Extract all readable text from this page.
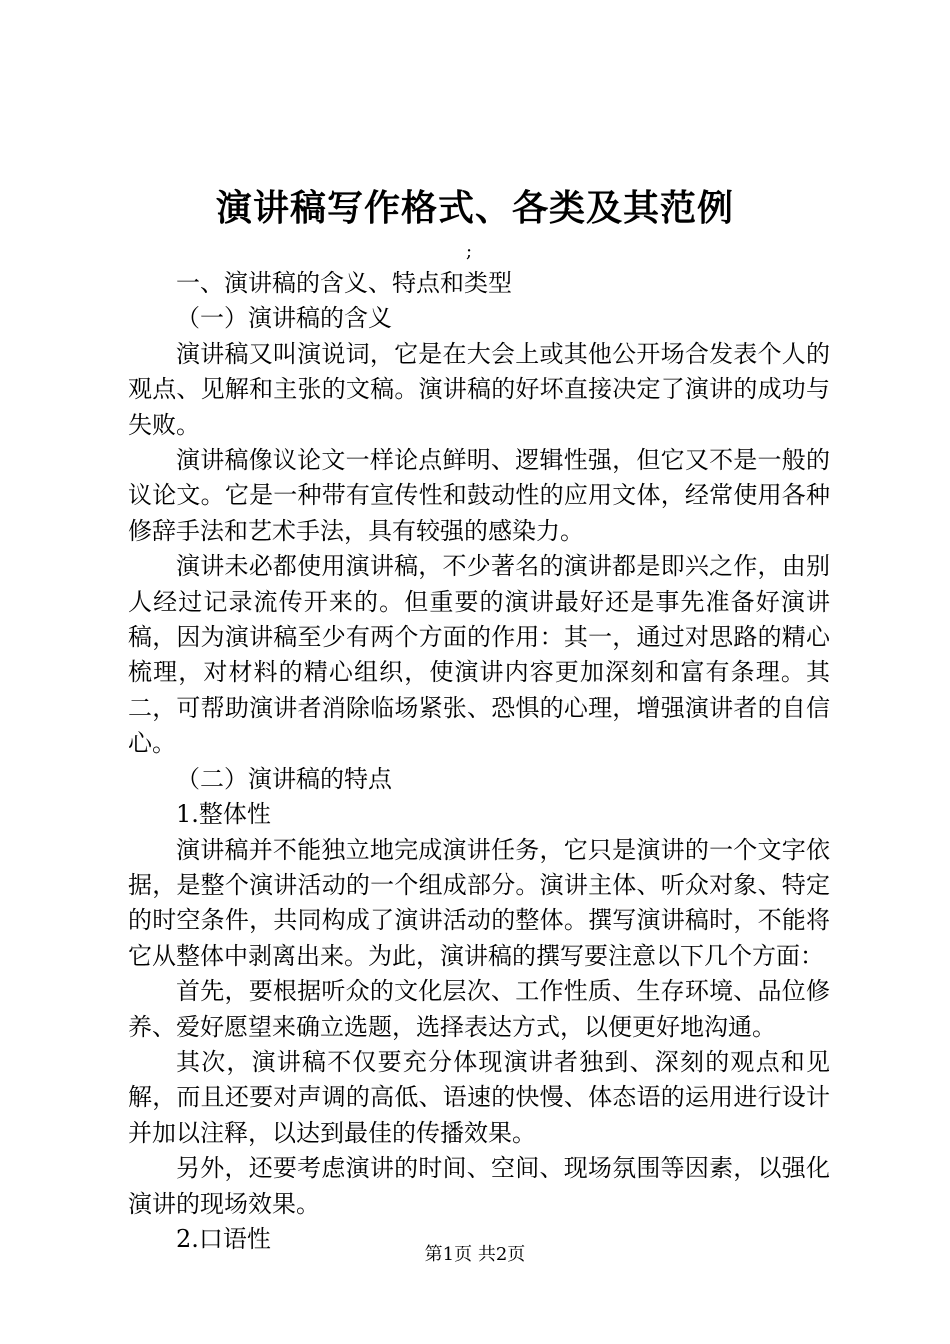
演讲稿写作格式、各类及其范例
;

一、演讲稿的含义、特点和类型

（一）演讲稿的含义

演讲稿又叫演说词，它是在大会上或其他公开场合发表个人的观点、见解和主张的文稿。演讲稿的好坏直接决定了演讲的成功与失败。

演讲稿像议论文一样论点鲜明、逻辑性强，但它又不是一般的议论文。它是一种带有宣传性和鼓动性的应用文体，经常使用各种修辞手法和艺术手法，具有较强的感染力。

演讲未必都使用演讲稿，不少著名的演讲都是即兴之作，由别人经过记录流传开来的。但重要的演讲最好还是事先准备好演讲稿，因为演讲稿至少有两个方面的作用：其一，通过对思路的精心梳理，对材料的精心组织，使演讲内容更加深刻和富有条理。其二，可帮助演讲者消除临场紧张、恐惧的心理，增强演讲者的自信心。

（二）演讲稿的特点

1.整体性

演讲稿并不能独立地完成演讲任务，它只是演讲的一个文字依据，是整个演讲活动的一个组成部分。演讲主体、听众对象、特定的时空条件，共同构成了演讲活动的整体。撰写演讲稿时，不能将它从整体中剥离出来。为此，演讲稿的撰写要注意以下几个方面：

首先，要根据听众的文化层次、工作性质、生存环境、品位修养、爱好愿望来确立选题，选择表达方式，以便更好地沟通。

其次，演讲稿不仅要充分体现演讲者独到、深刻的观点和见解，而且还要对声调的高低、语速的快慢、体态语的运用进行设计并加以注释，以达到最佳的传播效果。

另外，还要考虑演讲的时间、空间、现场氛围等因素，以强化演讲的现场效果。

2.口语性

第1页 共2页
